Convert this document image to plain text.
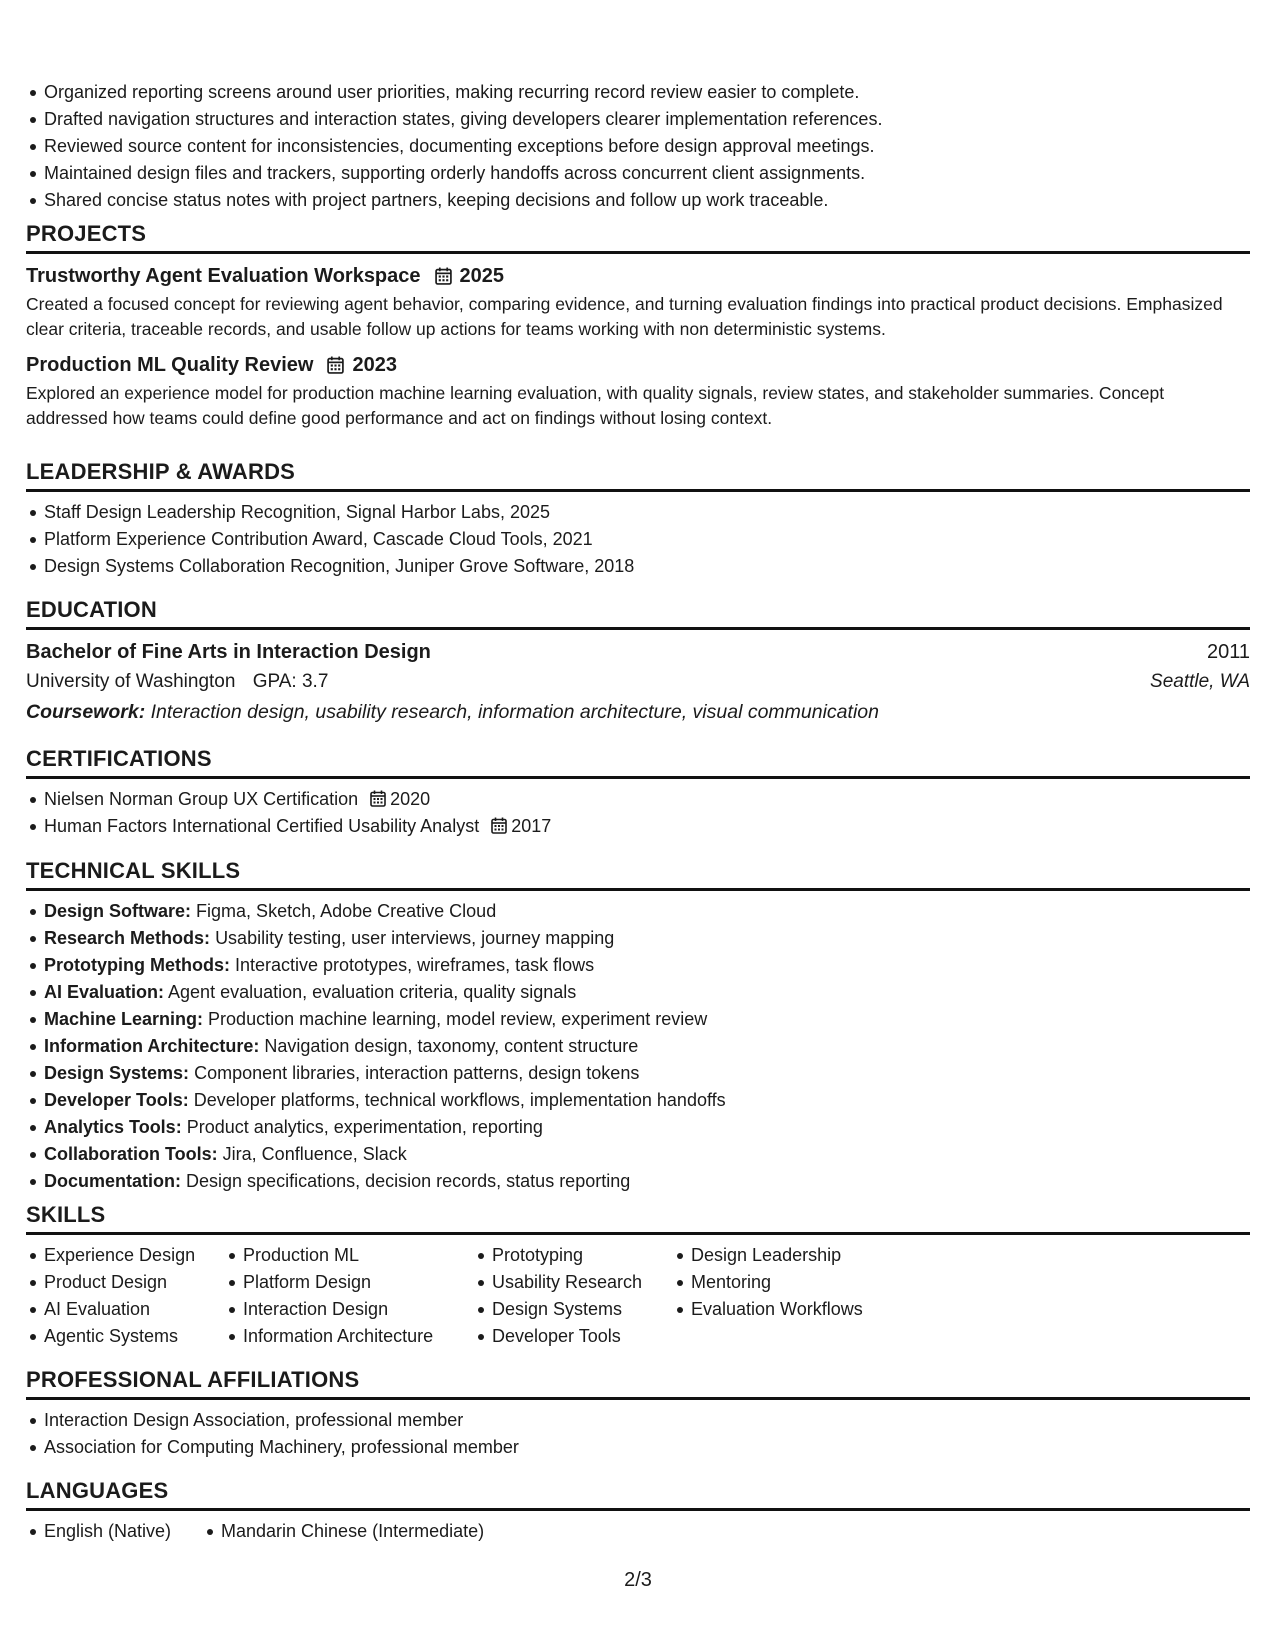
Organized reporting screens around user priorities, making recurring record review easier to complete.
Drafted navigation structures and interaction states, giving developers clearer implementation references.
Reviewed source content for inconsistencies, documenting exceptions before design approval meetings.
Maintained design files and trackers, supporting orderly handoffs across concurrent client assignments.
Shared concise status notes with project partners, keeping decisions and follow up work traceable.
PROJECTS
Trustworthy Agent Evaluation Workspace 2025
Created a focused concept for reviewing agent behavior, comparing evidence, and turning evaluation findings into practical product decisions. Emphasized clear criteria, traceable records, and usable follow up actions for teams working with non deterministic systems.
Production ML Quality Review 2023
Explored an experience model for production machine learning evaluation, with quality signals, review states, and stakeholder summaries. Concept addressed how teams could define good performance and act on findings without losing context.
LEADERSHIP & AWARDS
Staff Design Leadership Recognition, Signal Harbor Labs, 2025
Platform Experience Contribution Award, Cascade Cloud Tools, 2021
Design Systems Collaboration Recognition, Juniper Grove Software, 2018
EDUCATION
Bachelor of Fine Arts in Interaction Design	2011
University of Washington GPA: 3.7	Seattle, WA
Coursework: Interaction design, usability research, information architecture, visual communication
CERTIFICATIONS
Nielsen Norman Group UX Certification 2020
Human Factors International Certified Usability Analyst 2017
TECHNICAL SKILLS
Design Software: Figma, Sketch, Adobe Creative Cloud
Research Methods: Usability testing, user interviews, journey mapping
Prototyping Methods: Interactive prototypes, wireframes, task flows
AI Evaluation: Agent evaluation, evaluation criteria, quality signals
Machine Learning: Production machine learning, model review, experiment review
Information Architecture: Navigation design, taxonomy, content structure
Design Systems: Component libraries, interaction patterns, design tokens
Developer Tools: Developer platforms, technical workflows, implementation handoffs
Analytics Tools: Product analytics, experimentation, reporting
Collaboration Tools: Jira, Confluence, Slack
Documentation: Design specifications, decision records, status reporting
SKILLS
Experience Design
Product Design
AI Evaluation
Agentic Systems
Production ML
Platform Design
Interaction Design
Information Architecture
Prototyping
Usability Research
Design Systems
Developer Tools
Design Leadership
Mentoring
Evaluation Workflows
PROFESSIONAL AFFILIATIONS
Interaction Design Association, professional member
Association for Computing Machinery, professional member
LANGUAGES
English (Native)	Mandarin Chinese (Intermediate)
2/3
